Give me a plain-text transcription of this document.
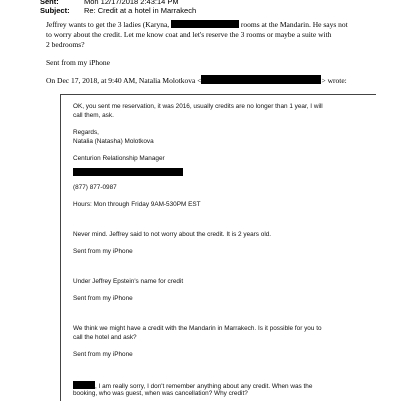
Sent:	Mon 12/17/2018 2:43:14 PM
Subject:	Re: Credit at a hotel in Marrakech
Jeffrey wants to get the 3 ladies (Karyna,	rooms at the Mandarin. He says not
to worry about the credit. Let me know coat and let's reserve the 3 rooms or maybe a suite with
2 bedrooms?
Sent from my iPhone
On Dec 17, 2018, at 9:40 AM, Natalia Molotkova <	> wrote:
OK, you sent me reservation, it was 2016, usually credits are no longer than 1 year, I will
call them, ask.
Regards,
Natalia (Natasha) Molotkova
Centurion Relationship Manager
(877) 877-0987
Hours: Mon through Friday 9AM-530PM EST
Never mind. Jeffrey said to not worry about the credit. It is 2 years old.
Sent from my iPhone
Under Jeffrey Epstein's name for credit
Sent from my iPhone
We think we might have a credit with the Mandarin in Marrakech. Is it possible for you to
call the hotel and ask?
Sent from my iPhone
, I am really sorry, I don't remember anything about any credit. When was the
booking, who was guest, when was cancellation? Why credit?
